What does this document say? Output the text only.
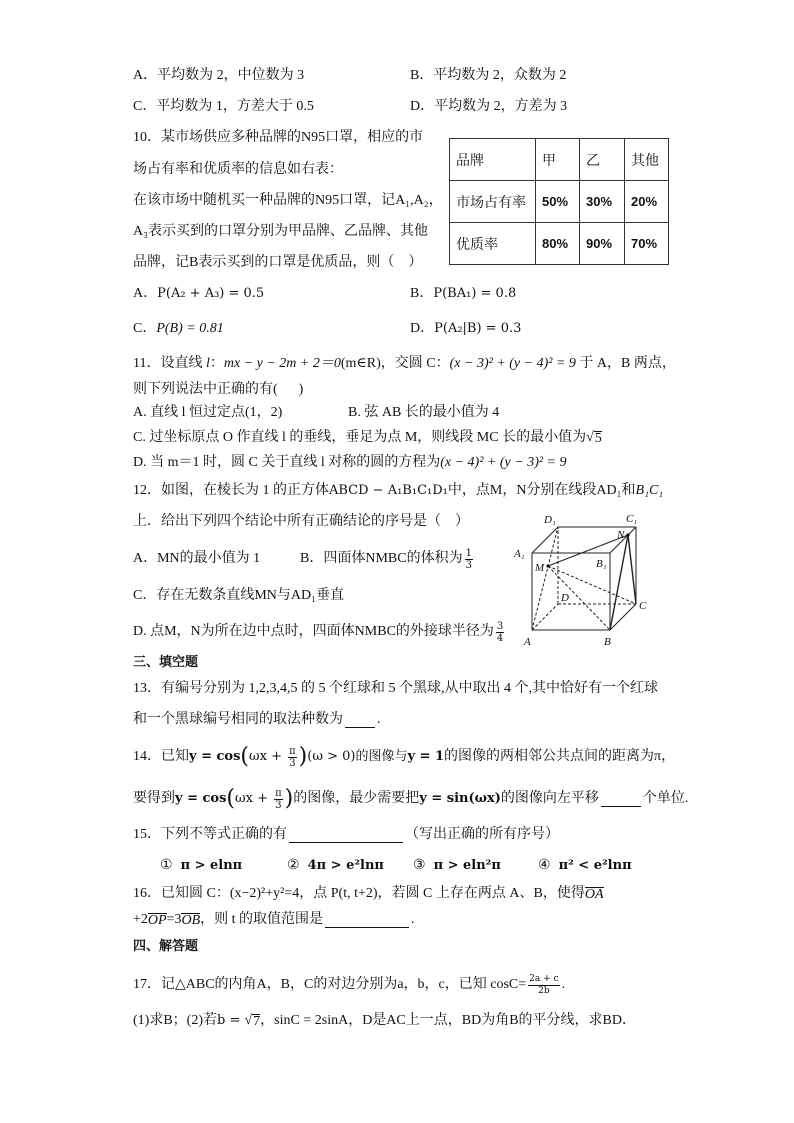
A．平均数为 2，中位数为 3	B．平均数为 2，众数为 2
C．平均数为 1，方差大于 0.5	D．平均数为 2，方差为 3
10．某市场供应多种品牌的N95口罩，相应的市
场占有率和优质率的信息如右表：
在该市场中随机买一种品牌的N95口罩，记A₁,A₂，
A₃表示买到的口罩分别为甲品牌、乙品牌、其他
品牌，记B表示买到的口罩是优质品，则（    ）
品牌	甲	乙	其他
市场占有率	50%	30%	20%
优质率	80%	90%	70%
A． P(A₂ + A₃) = 0.5	B． P(BA₁) = 0.8
C． P(B) = 0.81	D． P(A₂|B) = 0.3
11．设直线 l ： mx − y − 2m + 2＝0 (m∈R)，交圆 C： (x − 3)² + (y − 4)² = 9 于 A，B 两点，
则下列说法中正确的有(      )
A. 直线 l 恒过定点(1，2)	B. 弦 AB 长的最小值为 4
C. 过坐标原点 O 作直线 l 的垂线，垂足为点 M，则线段 MC 长的最小值为 √ 5
D. 当 m＝1 时，圆 C 关于直线 l 对称的圆的方程为 (x − 4)² + (y − 3)² = 9
12．如图，在棱长为 1 的正方体 ABCD − A₁B₁C₁D₁ 中，点M，N分别在线段AD₁和 B₁C₁
上．给出下列四个结论中所有正确结论的序号是（    ）
A．MN的最小值为 1	B．四面体NMBC的体积为 $\frac{1}{3}$
C．存在无数条直线MN与AD₁垂直
D. 点M，N为所在边中点时，四面体NMBC的外接球半径为 $\frac{3}{4}$
D₁	C₁
A₁
M
N
B₁
D
C
A	B
三、填空题
13．有编号分别为 1,2,3,4,5 的 5 个红球和 5 个黑球,从中取出 4 个,其中恰好有一个红球
和一个黑球编号相同的取法种数为 .
14．已知 y = cos ( $\omega x + \frac{\pi}{3}$ ) (ω > 0)的图像与 y = 1 的图像的两相邻公共点间的距离为π，
要得到 y = cos ( $\omega x + \frac{\pi}{3}$ ) 的图像，最少需要把 y = sin(ωx) 的图像向左平移	个单位.
15．下列不等式正确的有	（写出正确的所有序号）
① π > elnπ	② 4π > e²lnπ ③ π > eln²π	④ π² < e²lnπ
16．已知圆 C：(x−2)²+y²=4，点 P(t, t+2)，若圆 C 上存在两点 A、B，使得 OA
+2 OP =3 OB ，则 t 的取值范围是	.
四、解答题
17．记△ABC的内角A，B，C的对边分别为a，b，c，已知 $\cos C= \frac{2a + c}{2b}$ .
(1)求B；(2)若 b = √ 7 ，sinC = 2sinA，D是AC上一点，BD为角B的平分线，求BD．
